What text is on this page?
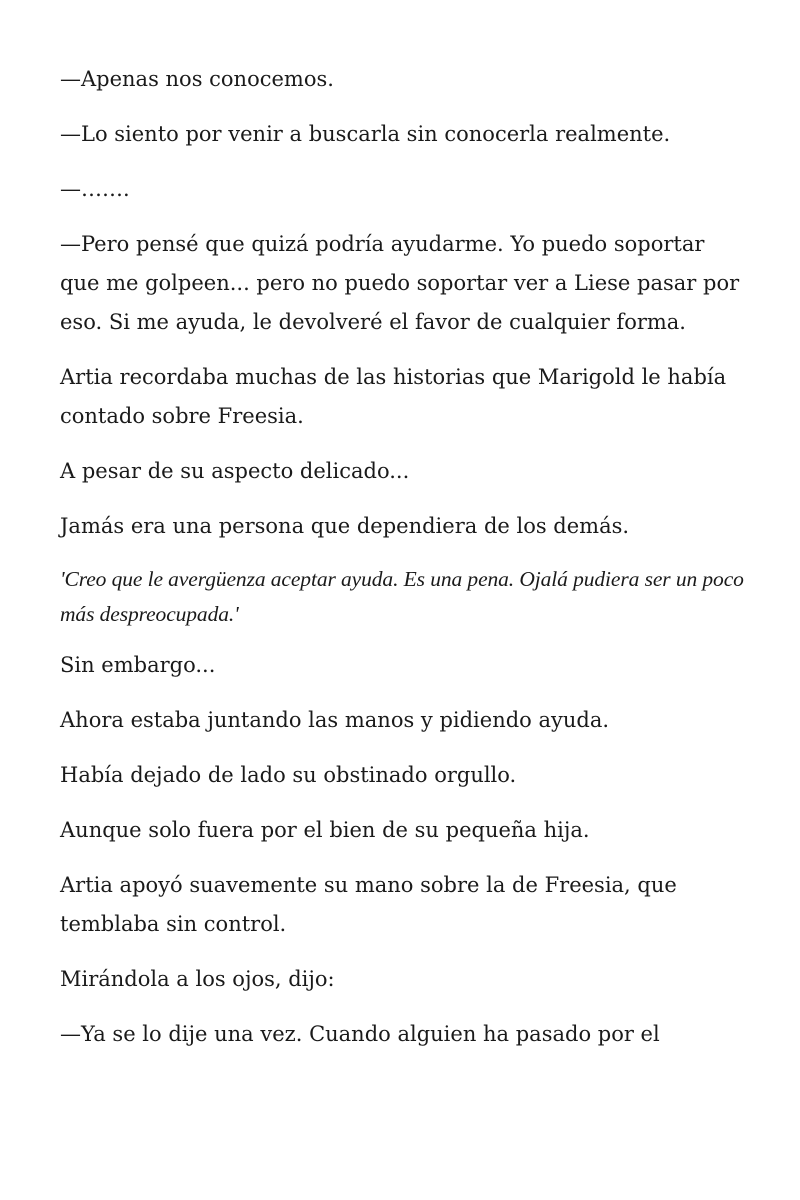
—Apenas nos conocemos.

—Lo siento por venir a buscarla sin conocerla realmente.

—…….

—Pero pensé que quizá podría ayudarme. Yo puedo soportar que me golpeen... pero no puedo soportar ver a Liese pasar por eso. Si me ayuda, le devolveré el favor de cualquier forma.

Artia recordaba muchas de las historias que Marigold le había contado sobre Freesia.

A pesar de su aspecto delicado...

Jamás era una persona que dependiera de los demás.

'Creo que le avergüenza aceptar ayuda. Es una pena. Ojalá pudiera ser un poco más despreocupada.'

Sin embargo...

Ahora estaba juntando las manos y pidiendo ayuda.

Había dejado de lado su obstinado orgullo.

Aunque solo fuera por el bien de su pequeña hija.

Artia apoyó suavemente su mano sobre la de Freesia, que temblaba sin control.

Mirándola a los ojos, dijo:

—Ya se lo dije una vez. Cuando alguien ha pasado por el
